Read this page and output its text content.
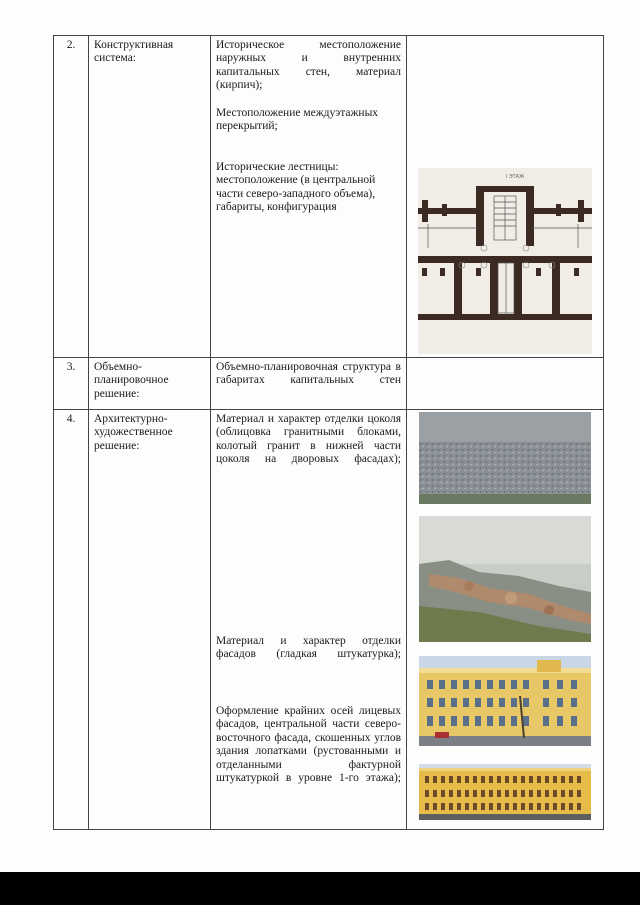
2.	Конструктивная система:	Историческое местоположение наружных и внутренних капитальных стен, материал (кирпич);

Местоположение междуэтажных перекрытий;

Исторические лестницы: местоположение (в центральной части северо-западного объема), габариты, конфигурация	I ЭТАЖ

3.	Объемно-планировочное решение:	Объемно-планировочная структура в габаритах капитальных стен	

4.	Архитектурно-художественное решение:	Материал и характер отделки цоколя (облицовка гранитными блоками, колотый гранит в нижней части цоколя на дворовых фасадах);

Материал и характер отделки фасадов (гладкая штукатурка);

Оформление крайних осей лицевых фасадов, центральной части северо-восточного фасада, скошенных углов здания лопатками (рустованными и отделанными фактурной штукатуркой в уровне 1-го этажа);
